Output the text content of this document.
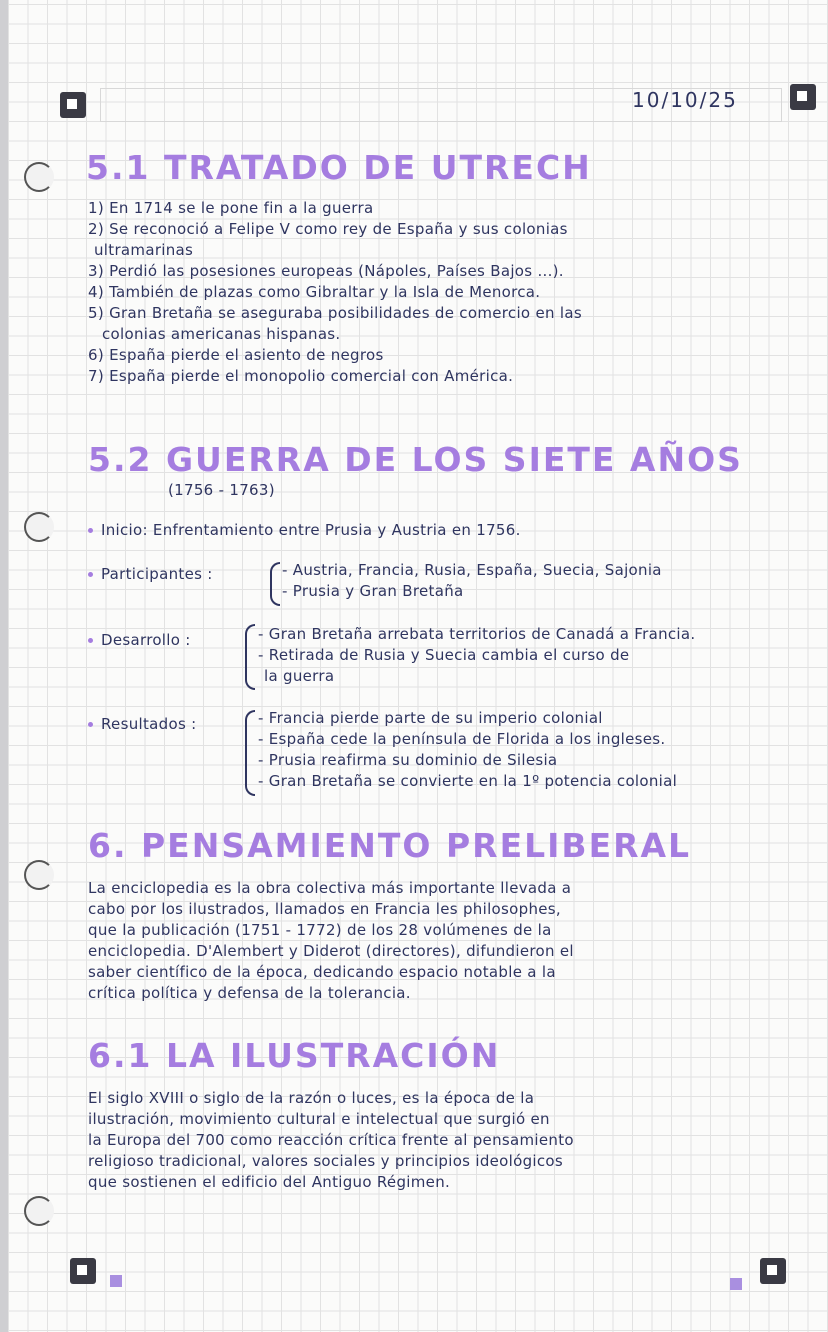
10/10/25
5.1 TRATADO DE UTRECH
1) En 1714 se le pone fin a la guerra
2) Se reconoció a Felipe V como rey de España y sus colonias
ultramarinas
3) Perdió las posesiones europeas (Nápoles, Países Bajos ...).
4) También de plazas como Gibraltar y la Isla de Menorca.
5) Gran Bretaña se aseguraba posibilidades de comercio en las
colonias americanas hispanas.
6) España pierde el asiento de negros
7) España pierde el monopolio comercial con América.
5.2 GUERRA DE LOS SIETE AÑOS
(1756 - 1763)
Inicio: Enfrentamiento entre Prusia y Austria en 1756.
Participantes :	- Austria, Francia, Rusia, España, Suecia, Sajonia
- Prusia y Gran Bretaña
Desarrollo :	- Gran Bretaña arrebata territorios de Canadá a Francia.
- Retirada de Rusia y Suecia cambia el curso de
la guerra
Resultados :	- Francia pierde parte de su imperio colonial
- España cede la península de Florida a los ingleses.
- Prusia reafirma su dominio de Silesia
- Gran Bretaña se convierte en la 1º potencia colonial
6. PENSAMIENTO PRELIBERAL
La enciclopedia es la obra colectiva más importante llevada a
cabo por los ilustrados, llamados en Francia les philosophes,
que la publicación (1751 - 1772) de los 28 volúmenes de la
enciclopedia. D'Alembert y Diderot (directores), difundieron el
saber científico de la época, dedicando espacio notable a la
crítica política y defensa de la tolerancia.
6.1 LA ILUSTRACIÓN
El siglo XVIII o siglo de la razón o luces, es la época de la
ilustración, movimiento cultural e intelectual que surgió en
la Europa del 700 como reacción crítica frente al pensamiento
religioso tradicional, valores sociales y principios ideológicos
que sostienen el edificio del Antiguo Régimen.
